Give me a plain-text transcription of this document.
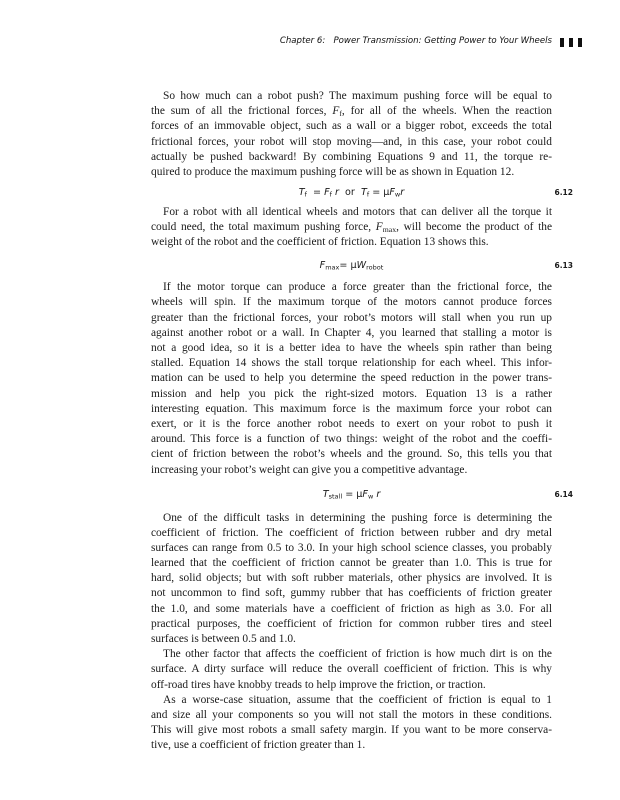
Chapter 6:   Power Transmission: Getting Power to Your Wheels
So how much can a robot push? The maximum pushing force will be equal to
the sum of all the frictional forces, $F_f$, for all of the wheels. When the reaction
forces of an immovable object, such as a wall or a bigger robot, exceeds the total
frictional forces, your robot will stop moving—and, in this case, your robot could
actually be pushed backward! By combining Equations 9 and 11, the torque re-
quired to produce the maximum pushing force will be as shown in Equation 12.
$T_f = F_f$ r  or  $T_f = \mu F_wr$	6.12
For a robot with all identical wheels and motors that can deliver all the torque it
could need, the total maximum pushing force, $F_{max}$, will become the product of the
weight of the robot and the coefficient of friction. Equation 13 shows this.
$F_{max}= \mu W_{robot}$	6.13
If the motor torque can produce a force greater than the frictional force, the
wheels will spin. If the maximum torque of the motors cannot produce forces
greater than the frictional forces, your robot’s motors will stall when you run up
against another robot or a wall. In Chapter 4, you learned that stalling a motor is
not a good idea, so it is a better idea to have the wheels spin rather than being
stalled. Equation 14 shows the stall torque relationship for each wheel. This infor-
mation can be used to help you determine the speed reduction in the power trans-
mission and help you pick the right-sized motors. Equation 13 is a rather
interesting equation. This maximum force is the maximum force your robot can
exert, or it is the force another robot needs to exert on your robot to push it
around. This force is a function of two things: weight of the robot and the coeffi-
cient of friction between the robot’s wheels and the ground. So, this tells you that
increasing your robot’s weight can give you a competitive advantage.
$T_{stall} = \mu F_w$ r	6.14
One of the difficult tasks in determining the pushing force is determining the
coefficient of friction. The coefficient of friction between rubber and dry metal
surfaces can range from 0.5 to 3.0. In your high school science classes, you probably
learned that the coefficient of friction cannot be greater than 1.0. This is true for
hard, solid objects; but with soft rubber materials, other physics are involved. It is
not uncommon to find soft, gummy rubber that has coefficients of friction greater
the 1.0, and some materials have a coefficient of friction as high as 3.0. For all
practical purposes, the coefficient of friction for common rubber tires and steel
surfaces is between 0.5 and 1.0.
The other factor that affects the coefficient of friction is how much dirt is on the
surface. A dirty surface will reduce the overall coefficient of friction. This is why
off-road tires have knobby treads to help improve the friction, or traction.
As a worse-case situation, assume that the coefficient of friction is equal to 1
and size all your components so you will not stall the motors in these conditions.
This will give most robots a small safety margin. If you want to be more conserva-
tive, use a coefficient of friction greater than 1.
